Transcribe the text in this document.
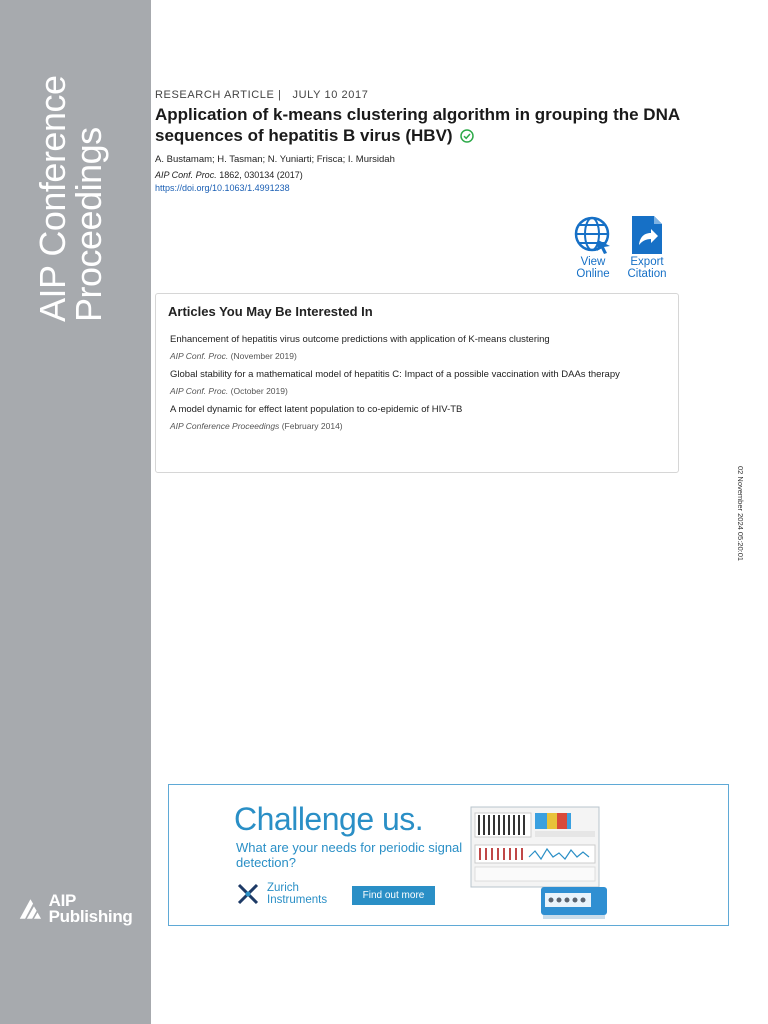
AIP Conference Proceedings
AIP Publishing
RESEARCH ARTICLE |   JULY 10 2017
Application of k-means clustering algorithm in grouping the DNA sequences of hepatitis B virus (HBV)
A. Bustamam; H. Tasman; N. Yuniarti; Frisca; I. Mursidah
AIP Conf. Proc. 1862, 030134 (2017)
https://doi.org/10.1063/1.4991238
View
Online
Export
Citation
Articles You May Be Interested In
Enhancement of hepatitis virus outcome predictions with application of K-means clustering
AIP Conf. Proc. (November 2019)
Global stability for a mathematical model of hepatitis C: Impact of a possible vaccination with DAAs therapy
AIP Conf. Proc. (October 2019)
A model dynamic for effect latent population to co-epidemic of HIV-TB
AIP Conference Proceedings (February 2014)
02 November 2024 05:20:01
Challenge us.
What are your needs for periodic signal detection?
Zurich
Instruments	Find out more
